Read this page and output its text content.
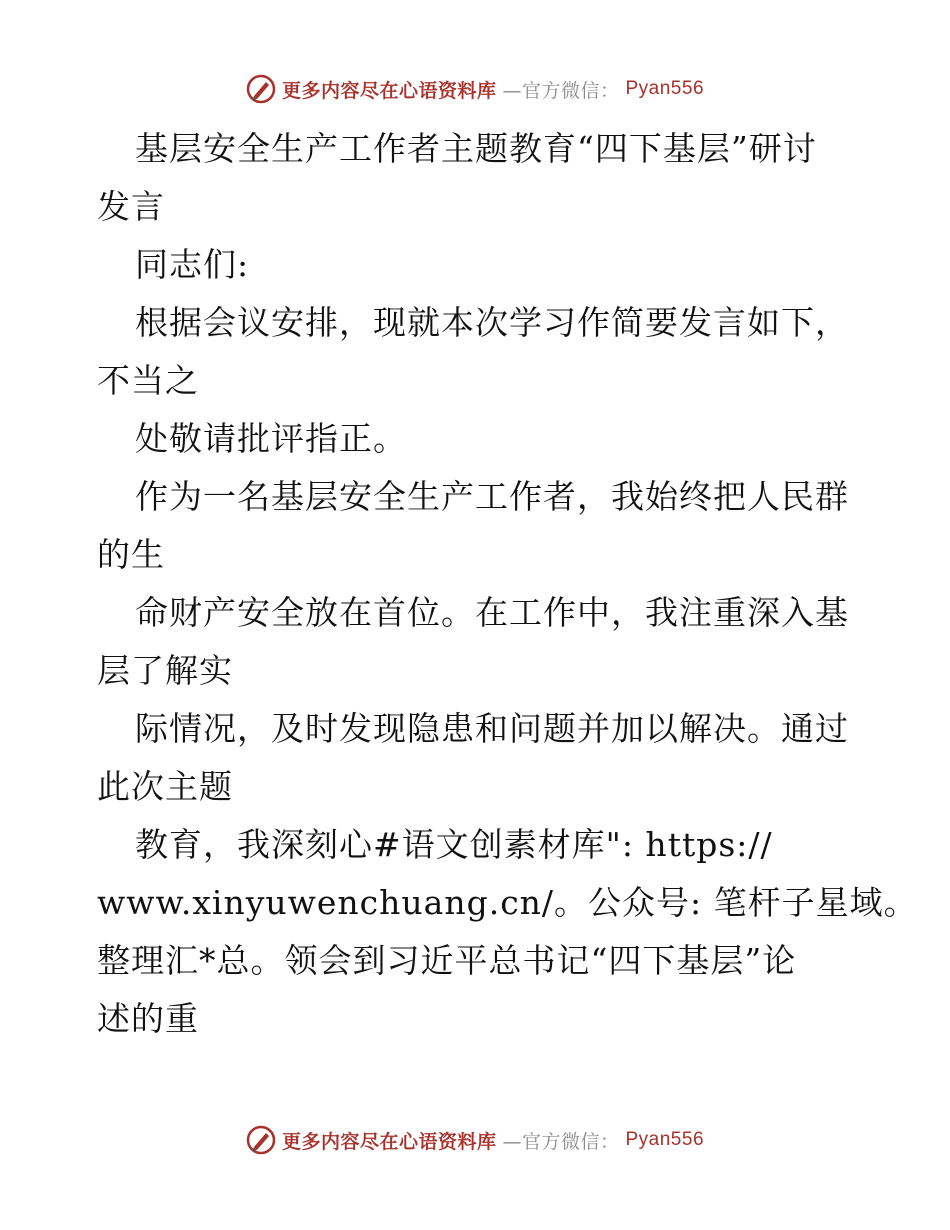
更多内容尽在心语资料库 —官方微信： Pyan556
基层安全生产工作者主题教育“四下基层”研讨
发言
同志们:
根据会议安排，现就本次学习作简要发言如下，
不当之
处敬请批评指正。
作为一名基层安全生产工作者，我始终把人民群
的生
命财产安全放在首位。在工作中，我注重深入基
层了解实
际情况，及时发现隐患和问题并加以解决。通过
此次主题
教育，我深刻心#语文创素材库": https://
www.xinyuwenchuang.cn/。公众号: 笔杆子星域。
整理汇*总。领会到习近平总书记“四下基层”论
述的重
更多内容尽在心语资料库 —官方微信： Pyan556
